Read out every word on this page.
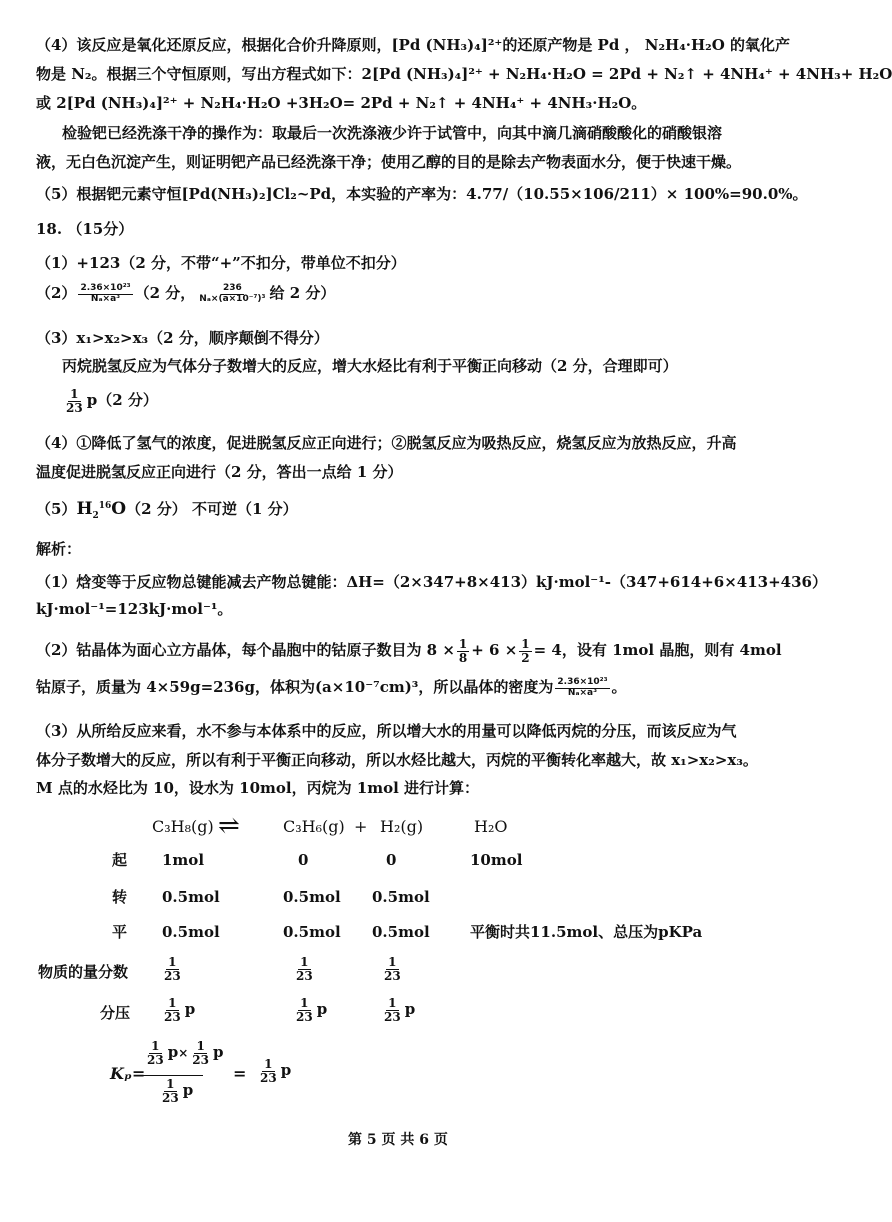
（4）该反应是氧化还原反应，根据化合价升降原则，[Pd (NH₃)₄]²⁺的还原产物是 Pd ， N₂H₄·H₂O 的氧化产
物是 N₂。根据三个守恒原则，写出方程式如下：2[Pd (NH₃)₄]²⁺ + N₂H₄·H₂O = 2Pd + N₂↑ + 4NH₄⁺ + 4NH₃+ H₂O
或 2[Pd (NH₃)₄]²⁺ + N₂H₄·H₂O +3H₂O= 2Pd + N₂↑ + 4NH₄⁺ + 4NH₃·H₂O。
检验钯已经洗涤干净的操作为：取最后一次洗涤液少许于试管中，向其中滴几滴硝酸酸化的硝酸银溶
液，无白色沉淀产生，则证明钯产品已经洗涤干净；使用乙醇的目的是除去产物表面水分，便于快速干燥。
（5）根据钯元素守恒[Pd(NH₃)₂]Cl₂~Pd，本实验的产率为：4.77/（10.55×106/211）× 100%=90.0%。
18. （15分）
（1）+123（2 分，不带“+”不扣分，带单位不扣分）
$(2) \frac{\text{2.36×10²³}}{\text{Nₐ×a³}} (2$ 分， $\frac{236}{\text{Nₐ×(a×10⁻⁷)³}}$ 给 2 分）
（3）x₁>x₂>x₃（2 分，顺序颠倒不得分）
丙烷脱氢反应为气体分子数增大的反应，增大水烃比有利于平衡正向移动（2 分，合理即可）
$\frac{1}{23} p(2$ 分）
（4）①降低了氢气的浓度，促进脱氢反应正向进行；②脱氢反应为吸热反应，烧氢反应为放热反应，升高
温度促进脱氢反应正向进行（2 分，答出一点给 1 分）
$(5)H_2^{16}O(2$ 分） 不可逆（1 分）
解析：
（1）焓变等于反应物总键能减去产物总键能：ΔH=（2×347+8×413）kJ·mol⁻¹-（347+614+6×413+436）
kJ·mol⁻¹=123kJ·mol⁻¹。
（2）钴晶体为面心立方晶体，每个晶胞中的钴原子数目为 $8 \times \frac{1}{8} + 6 \times \frac{1}{2} = 4$，设有 1mol 晶胞，则有 4mol
钴原子，质量为 4×59g=236g，体积为(a×10⁻⁷cm)³，所以晶体的密度为 $\frac{\text{2.36×10²³}}{\text{Nₐ×a³}}$ 。
（3）从所给反应来看，水不参与本体系中的反应，所以增大水的用量可以降低丙烷的分压，而该反应为气
体分子数增大的反应，所以有利于平衡正向移动，所以水烃比越大，丙烷的平衡转化率越大，故 x₁>x₂>x₃。
M 点的水烃比为 10，设水为 10mol，丙烷为 1mol 进行计算：
C₃H₈(g) ⇌	C₃H₆(g) + H₂(g)	H₂O
起 1mol	0	0	10mol
转 0.5mol	0.5mol 0.5mol
平 0.5mol	0.5mol 0.5mol	平衡时共11.5mol、总压为pKPa
物质的量分数	$\frac{1}{23}$	$\frac{1}{23}$	$\frac{1}{23}$
分压	$\frac{1}{23}$ p	$\frac{1}{23}$ p	$\frac{1}{23}$ p
Kₚ=
$\frac{1}{23} p\times \frac{1}{23}$ p
$\frac{1}{23}$ p
= $\frac{1}{23}$ p
第 5 页 共 6 页
